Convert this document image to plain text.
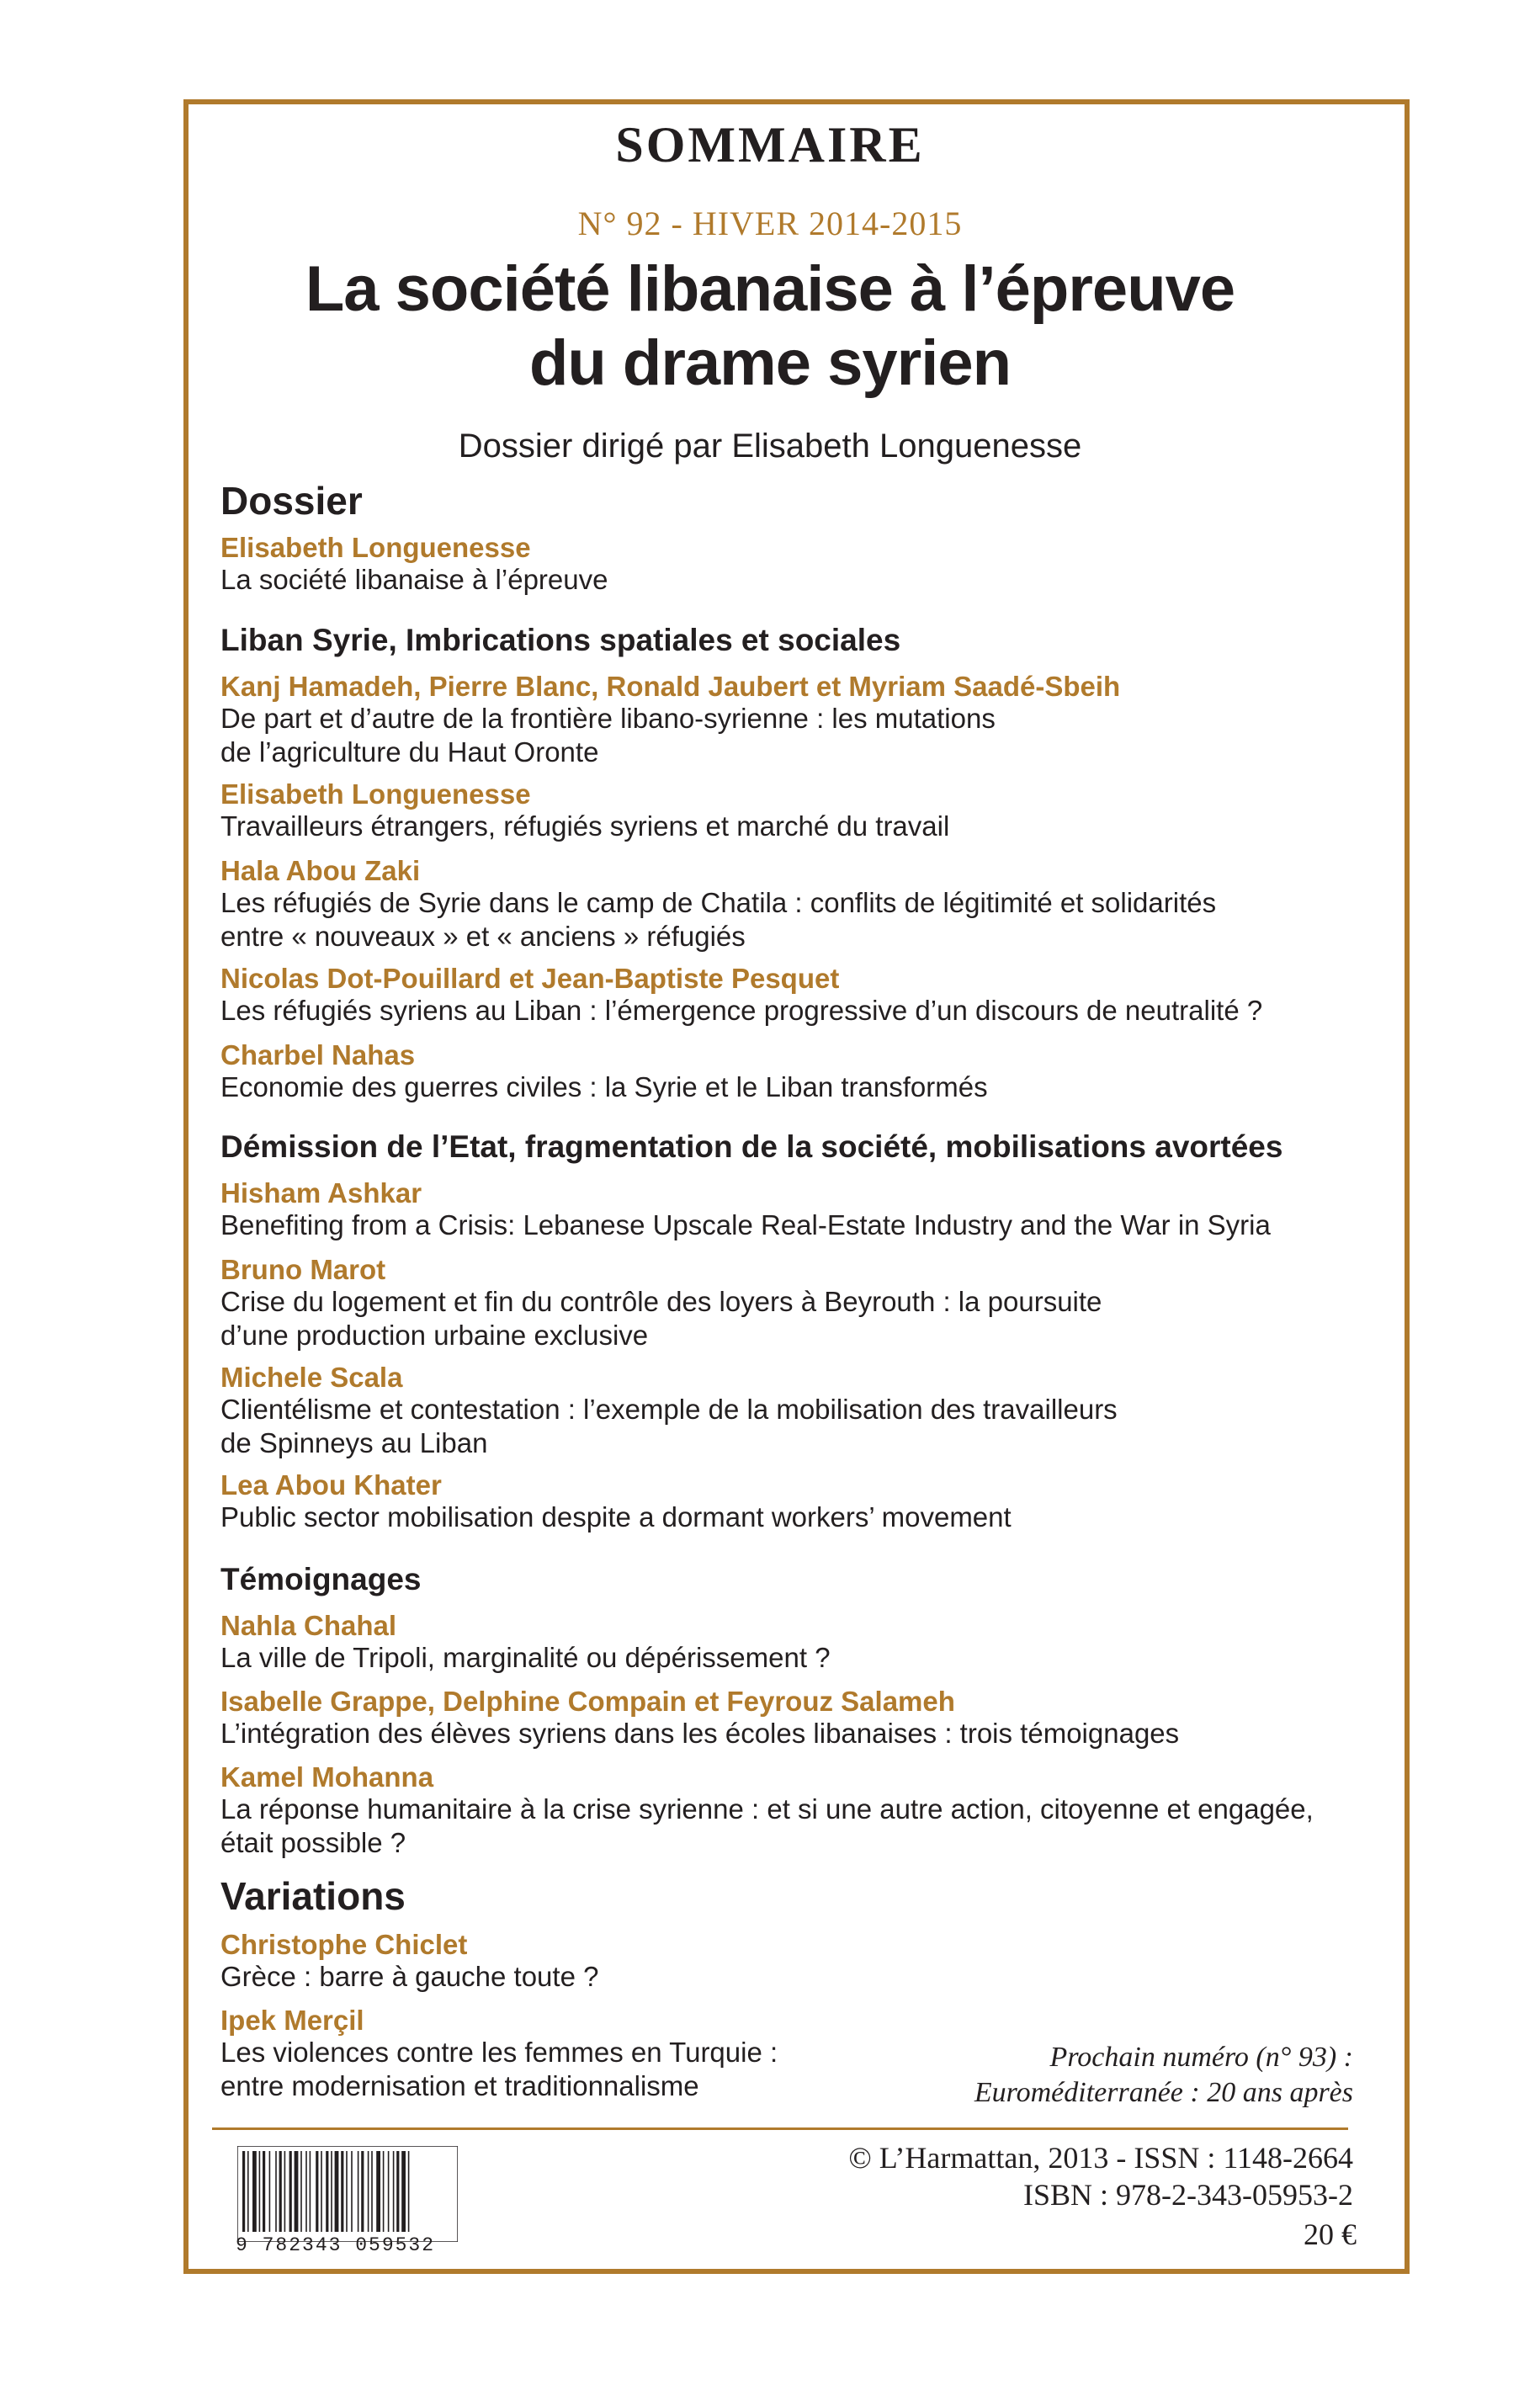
SOMMAIRE
N° 92 - HIVER 2014-2015
La société libanaise à l’épreuve
du drame syrien
Dossier dirigé par Elisabeth Longuenesse
Dossier
Elisabeth Longuenesse
La société libanaise à l’épreuve
Liban Syrie, Imbrications spatiales et sociales
Kanj Hamadeh, Pierre Blanc, Ronald Jaubert et Myriam Saadé-Sbeih
De part et d’autre de la frontière libano-syrienne : les mutations
de l’agriculture du Haut Oronte
Elisabeth Longuenesse
Travailleurs étrangers, réfugiés syriens et marché du travail
Hala Abou Zaki
Les réfugiés de Syrie dans le camp de Chatila : conflits de légitimité et solidarités
entre « nouveaux » et « anciens » réfugiés
Nicolas Dot-Pouillard et Jean-Baptiste Pesquet
Les réfugiés syriens au Liban : l’émergence progressive d’un discours de neutralité ?
Charbel Nahas
Economie des guerres civiles : la Syrie et le Liban transformés
Démission de l’Etat, fragmentation de la société, mobilisations avortées
Hisham Ashkar
Benefiting from a Crisis: Lebanese Upscale Real-Estate Industry and the War in Syria
Bruno Marot
Crise du logement et fin du contrôle des loyers à Beyrouth : la poursuite
d’une production urbaine exclusive
Michele Scala
Clientélisme et contestation : l’exemple de la mobilisation des travailleurs
de Spinneys au Liban
Lea Abou Khater
Public sector mobilisation despite a dormant workers’ movement
Témoignages
Nahla Chahal
La ville de Tripoli, marginalité ou dépérissement ?
Isabelle Grappe, Delphine Compain et Feyrouz Salameh
L’intégration des élèves syriens dans les écoles libanaises : trois témoignages
Kamel Mohanna
La réponse humanitaire à la crise syrienne : et si une autre action, citoyenne et engagée,
était possible ?
Variations
Christophe Chiclet
Grèce : barre à gauche toute ?
Ipek Merçil
Les violences contre les femmes en Turquie :
entre modernisation et traditionnalisme
Prochain numéro (n° 93) :
Euroméditerranée : 20 ans après
9 782343 059532
© L’Harmattan, 2013 - ISSN : 1148-2664
ISBN : 978-2-343-05953-2
20 €
